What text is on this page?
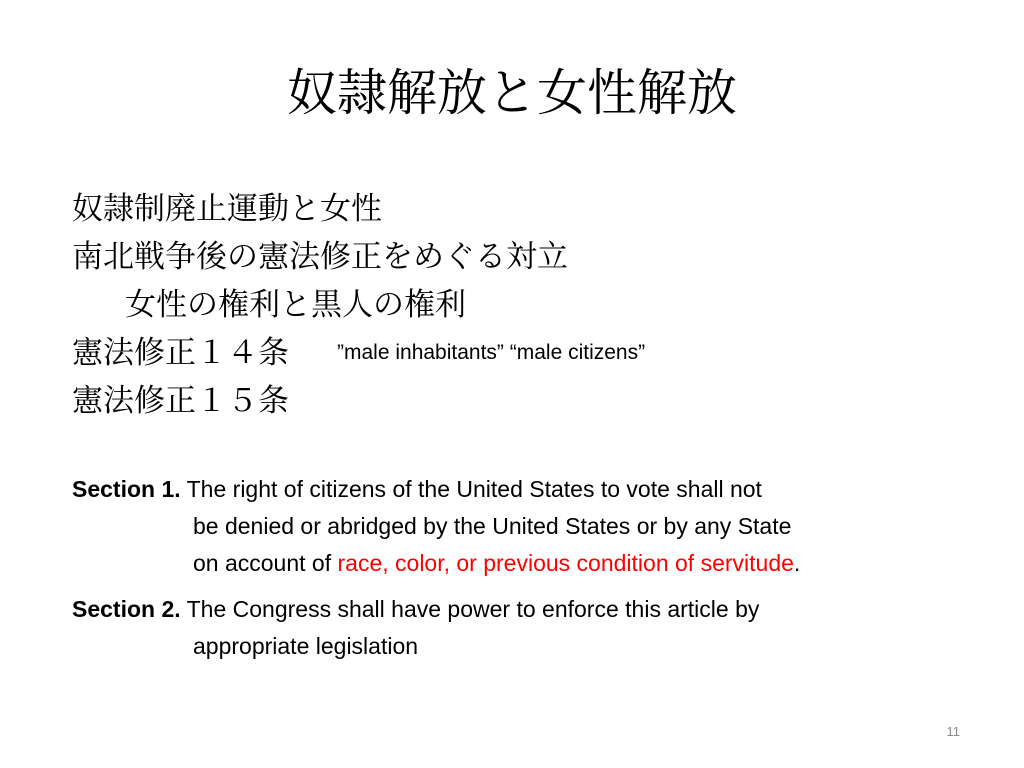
奴隷解放と女性解放
奴隷制廃止運動と女性
南北戦争後の憲法修正をめぐる対立
女性の権利と黒人の権利
憲法修正１４条 ”male inhabitants” “male citizens”
憲法修正１５条
Section 1. The right of citizens of the United States to vote shall not
be denied or abridged by the United States or by any State
on account of race, color, or previous condition of servitude.
Section 2. The Congress shall have power to enforce this article by
appropriate legislation
11
